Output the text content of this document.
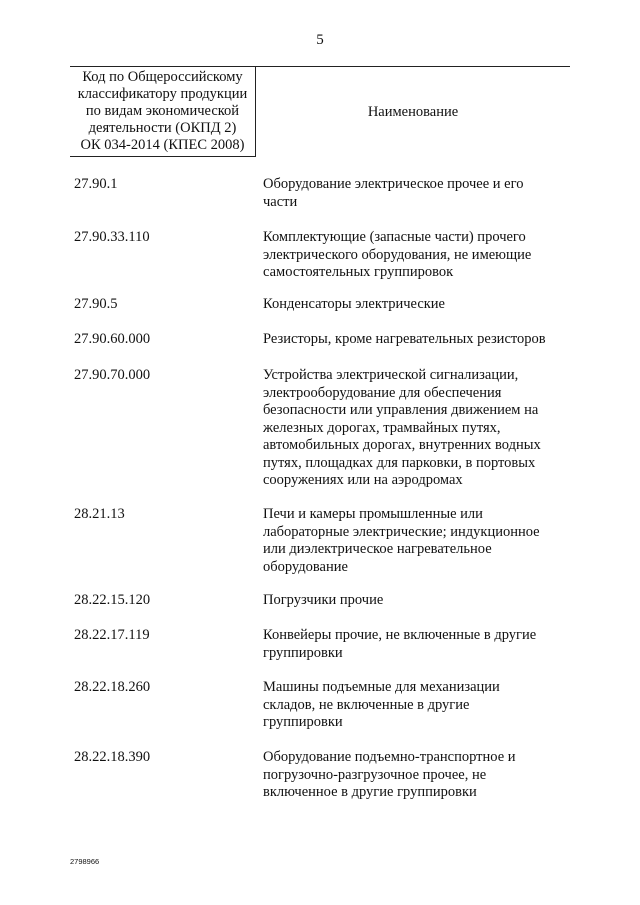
5
Код по Общероссийскому
классификатору продукции
по видам экономической
деятельности (ОКПД 2)
ОК 034-2014 (КПЕС 2008)
Наименование
27.90.1	Оборудование электрическое прочее и его
части
27.90.33.110	Комплектующие (запасные части) прочего
электрического оборудования, не имеющие
самостоятельных группировок
27.90.5	Конденсаторы электрические
27.90.60.000	Резисторы, кроме нагревательных резисторов
27.90.70.000	Устройства электрической сигнализации,
электрооборудование для обеспечения
безопасности или управления движением на
железных дорогах, трамвайных путях,
автомобильных дорогах, внутренних водных
путях, площадках для парковки, в портовых
сооружениях или на аэродромах
28.21.13	Печи и камеры промышленные или
лабораторные электрические; индукционное
или диэлектрическое нагревательное
оборудование
28.22.15.120	Погрузчики прочие
28.22.17.119	Конвейеры прочие, не включенные в другие
группировки
28.22.18.260	Машины подъемные для механизации
складов, не включенные в другие
группировки
28.22.18.390	Оборудование подъемно-транспортное и
погрузочно-разгрузочное прочее, не
включенное в другие группировки
2798966
